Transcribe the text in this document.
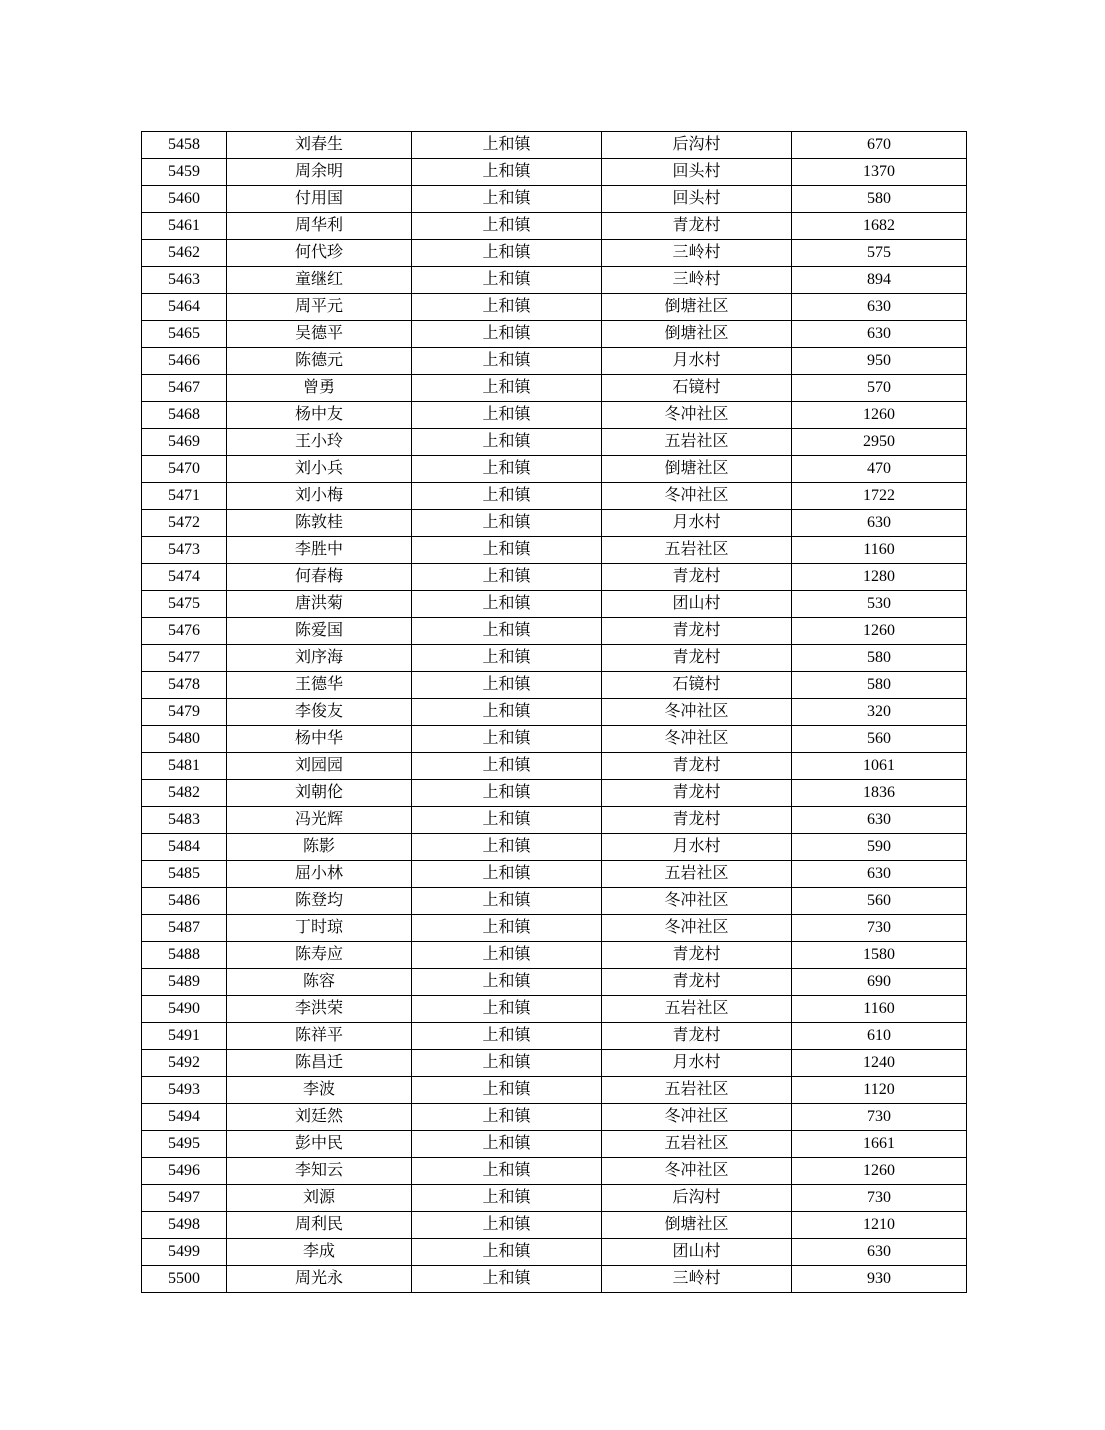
5458	刘春生	上和镇	后沟村	670
5459	周余明	上和镇	回头村	1370
5460	付用国	上和镇	回头村	580
5461	周华利	上和镇	青龙村	1682
5462	何代珍	上和镇	三岭村	575
5463	童继红	上和镇	三岭村	894
5464	周平元	上和镇	倒塘社区	630
5465	吴德平	上和镇	倒塘社区	630
5466	陈德元	上和镇	月水村	950
5467	曾勇	上和镇	石镜村	570
5468	杨中友	上和镇	冬冲社区	1260
5469	王小玲	上和镇	五岩社区	2950
5470	刘小兵	上和镇	倒塘社区	470
5471	刘小梅	上和镇	冬冲社区	1722
5472	陈敦桂	上和镇	月水村	630
5473	李胜中	上和镇	五岩社区	1160
5474	何春梅	上和镇	青龙村	1280
5475	唐洪菊	上和镇	团山村	530
5476	陈爱国	上和镇	青龙村	1260
5477	刘序海	上和镇	青龙村	580
5478	王德华	上和镇	石镜村	580
5479	李俊友	上和镇	冬冲社区	320
5480	杨中华	上和镇	冬冲社区	560
5481	刘园园	上和镇	青龙村	1061
5482	刘朝伦	上和镇	青龙村	1836
5483	冯光辉	上和镇	青龙村	630
5484	陈影	上和镇	月水村	590
5485	屈小林	上和镇	五岩社区	630
5486	陈登均	上和镇	冬冲社区	560
5487	丁时琼	上和镇	冬冲社区	730
5488	陈寿应	上和镇	青龙村	1580
5489	陈容	上和镇	青龙村	690
5490	李洪荣	上和镇	五岩社区	1160
5491	陈祥平	上和镇	青龙村	610
5492	陈昌迁	上和镇	月水村	1240
5493	李波	上和镇	五岩社区	1120
5494	刘廷然	上和镇	冬冲社区	730
5495	彭中民	上和镇	五岩社区	1661
5496	李知云	上和镇	冬冲社区	1260
5497	刘源	上和镇	后沟村	730
5498	周利民	上和镇	倒塘社区	1210
5499	李成	上和镇	团山村	630
5500	周光永	上和镇	三岭村	930
